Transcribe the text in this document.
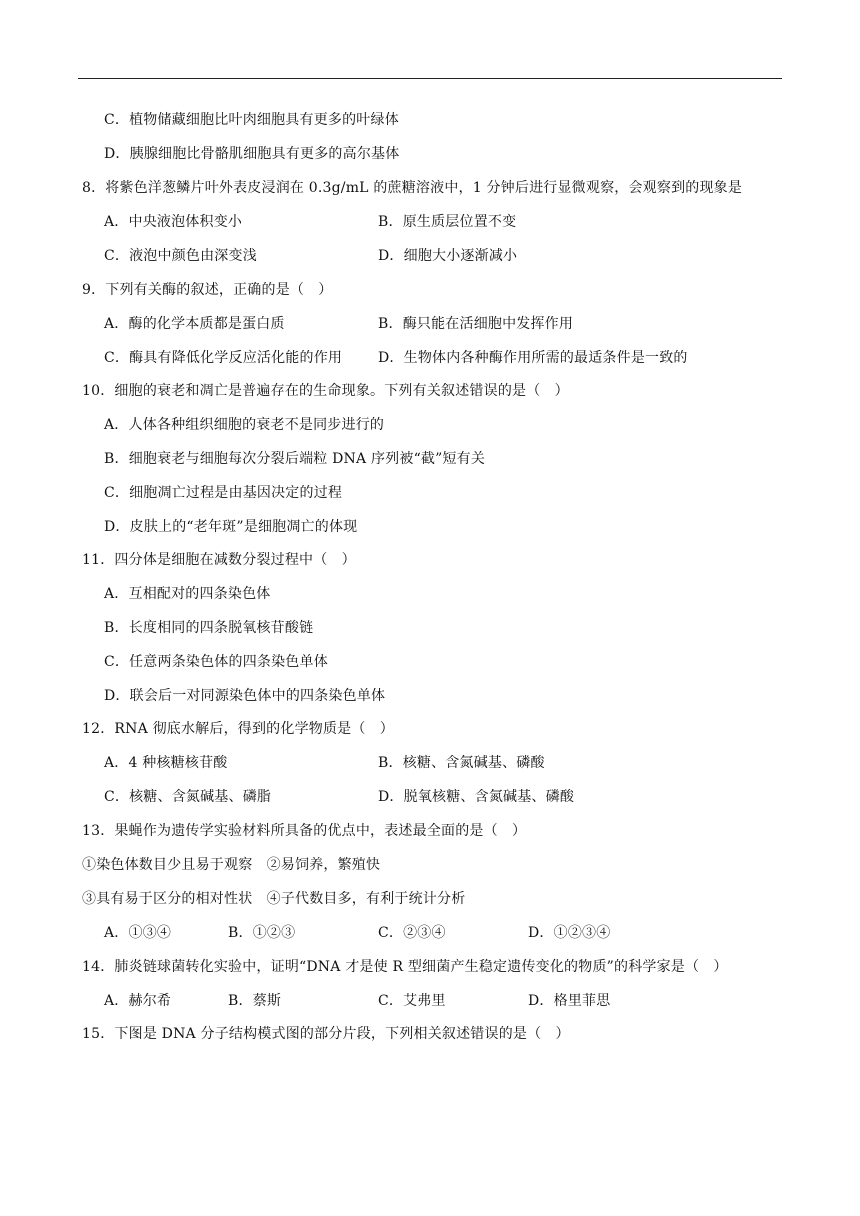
C．植物储藏细胞比叶肉细胞具有更多的叶绿体
D．胰腺细胞比骨骼肌细胞具有更多的高尔基体
8．将紫色洋葱鳞片叶外表皮浸润在 0.3g/mL 的蔗糖溶液中，1 分钟后进行显微观察，会观察到的现象是
A．中央液泡体积变小	B．原生质层位置不变
C．液泡中颜色由深变浅	D．细胞大小逐渐减小
9．下列有关酶的叙述，正确的是（　）
A．酶的化学本质都是蛋白质	B．酶只能在活细胞中发挥作用
C．酶具有降低化学反应活化能的作用	D．生物体内各种酶作用所需的最适条件是一致的
10．细胞的衰老和凋亡是普遍存在的生命现象。下列有关叙述错误的是（　）
A．人体各种组织细胞的衰老不是同步进行的
B．细胞衰老与细胞每次分裂后端粒 DNA 序列被“截”短有关
C．细胞凋亡过程是由基因决定的过程
D．皮肤上的“老年斑”是细胞凋亡的体现
11．四分体是细胞在减数分裂过程中（　）
A．互相配对的四条染色体
B．长度相同的四条脱氧核苷酸链
C．任意两条染色体的四条染色单体
D．联会后一对同源染色体中的四条染色单体
12．RNA 彻底水解后，得到的化学物质是（　）
A．4 种核糖核苷酸	B．核糖、含氮碱基、磷酸
C．核糖、含氮碱基、磷脂	D．脱氧核糖、含氮碱基、磷酸
13．果蝇作为遗传学实验材料所具备的优点中，表述最全面的是（　）
①染色体数目少且易于观察　②易饲养，繁殖快
③具有易于区分的相对性状　④子代数目多，有利于统计分析
A．①③④	B．①②③	C．②③④	D．①②③④
14．肺炎链球菌转化实验中，证明“DNA 才是使 R 型细菌产生稳定遗传变化的物质”的科学家是（　）
A．赫尔希	B．蔡斯	C．艾弗里	D．格里菲思
15．下图是 DNA 分子结构模式图的部分片段，下列相关叙述错误的是（　）
